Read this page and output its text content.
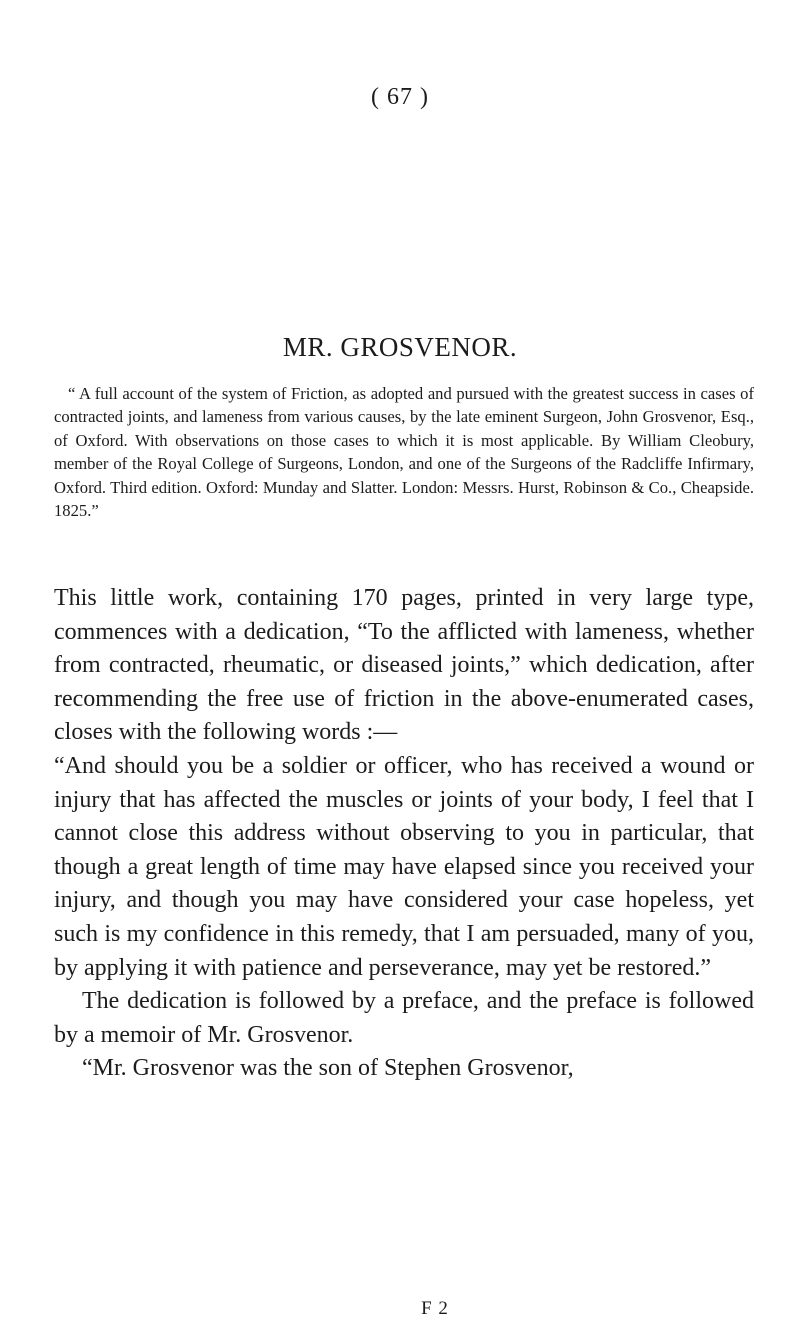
( 67 )
MR. GROSVENOR.

“ A full account of the system of Friction, as adopted and pursued with the greatest success in cases of contracted joints, and lameness from various causes, by the late eminent Surgeon, John Grosvenor, Esq., of Oxford. With observations on those cases to which it is most applicable. By William Cleobury, member of the Royal College of Surgeons, London, and one of the Surgeons of the Radcliffe Infirmary, Oxford. Third edition. Oxford: Munday and Slatter. London: Messrs. Hurst, Robinson & Co., Cheapside. 1825.”

This little work, containing 170 pages, printed in very large type, commences with a dedication, “To the afflicted with lameness, whether from contracted, rheumatic, or diseased joints,” which dedication, after recommending the free use of friction in the above-enumerated cases, closes with the following words :—

“And should you be a soldier or officer, who has received a wound or injury that has affected the muscles or joints of your body, I feel that I cannot close this address without observing to you in particular, that though a great length of time may have elapsed since you received your injury, and though you may have considered your case hopeless, yet such is my confidence in this remedy, that I am persuaded, many of you, by applying it with patience and perseverance, may yet be restored.”

The dedication is followed by a preface, and the preface is followed by a memoir of Mr. Grosvenor.

“Mr. Grosvenor was the son of Stephen Grosvenor,

F 2
